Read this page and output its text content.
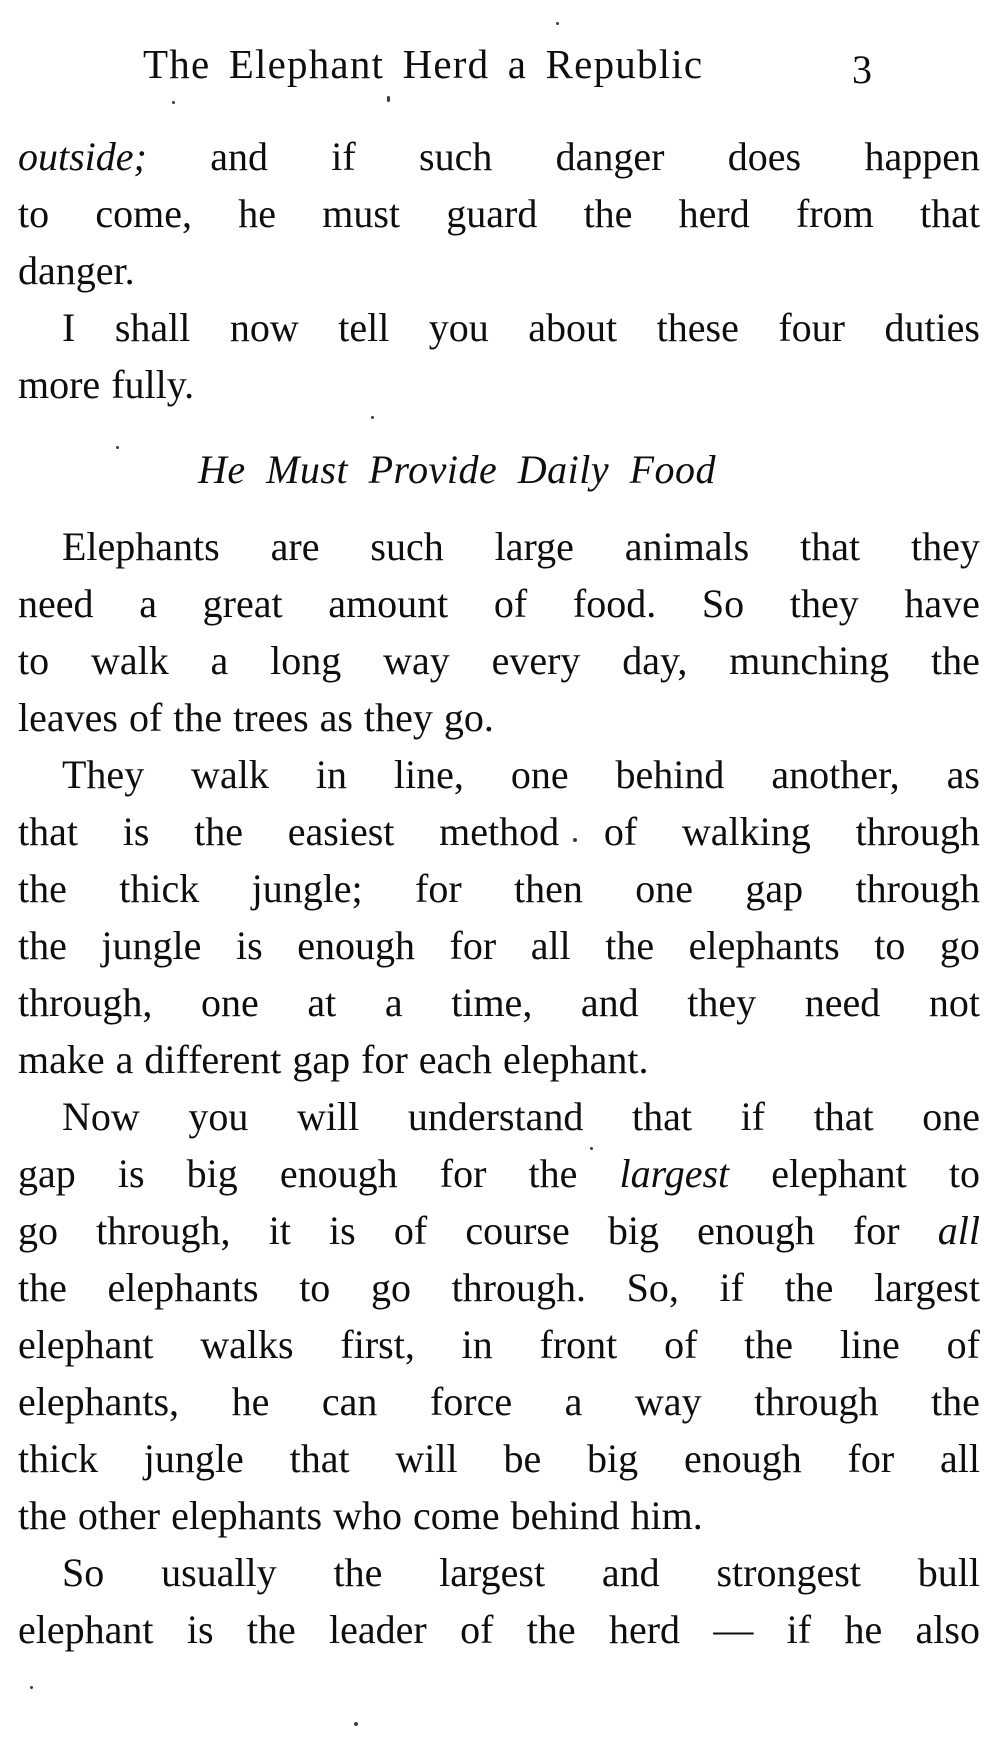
The Elephant Herd a Republic	3
outside; and if such danger does happen
to come, he must guard the herd from that
danger.
I shall now tell you about these four duties
more fully.
He Must Provide Daily Food
Elephants are such large animals that they
need a great amount of food. So they have
to walk a long way every day, munching the
leaves of the trees as they go.
They walk in line, one behind another, as
that is the easiest method of walking through
the thick jungle; for then one gap through
the jungle is enough for all the elephants to go
through, one at a time, and they need not
make a different gap for each elephant.
Now you will understand that if that one
gap is big enough for the largest elephant to
go through, it is of course big enough for all
the elephants to go through. So, if the largest
elephant walks first, in front of the line of
elephants, he can force a way through the
thick jungle that will be big enough for all
the other elephants who come behind him.
So usually the largest and strongest bull
elephant is the leader of the herd — if he also
